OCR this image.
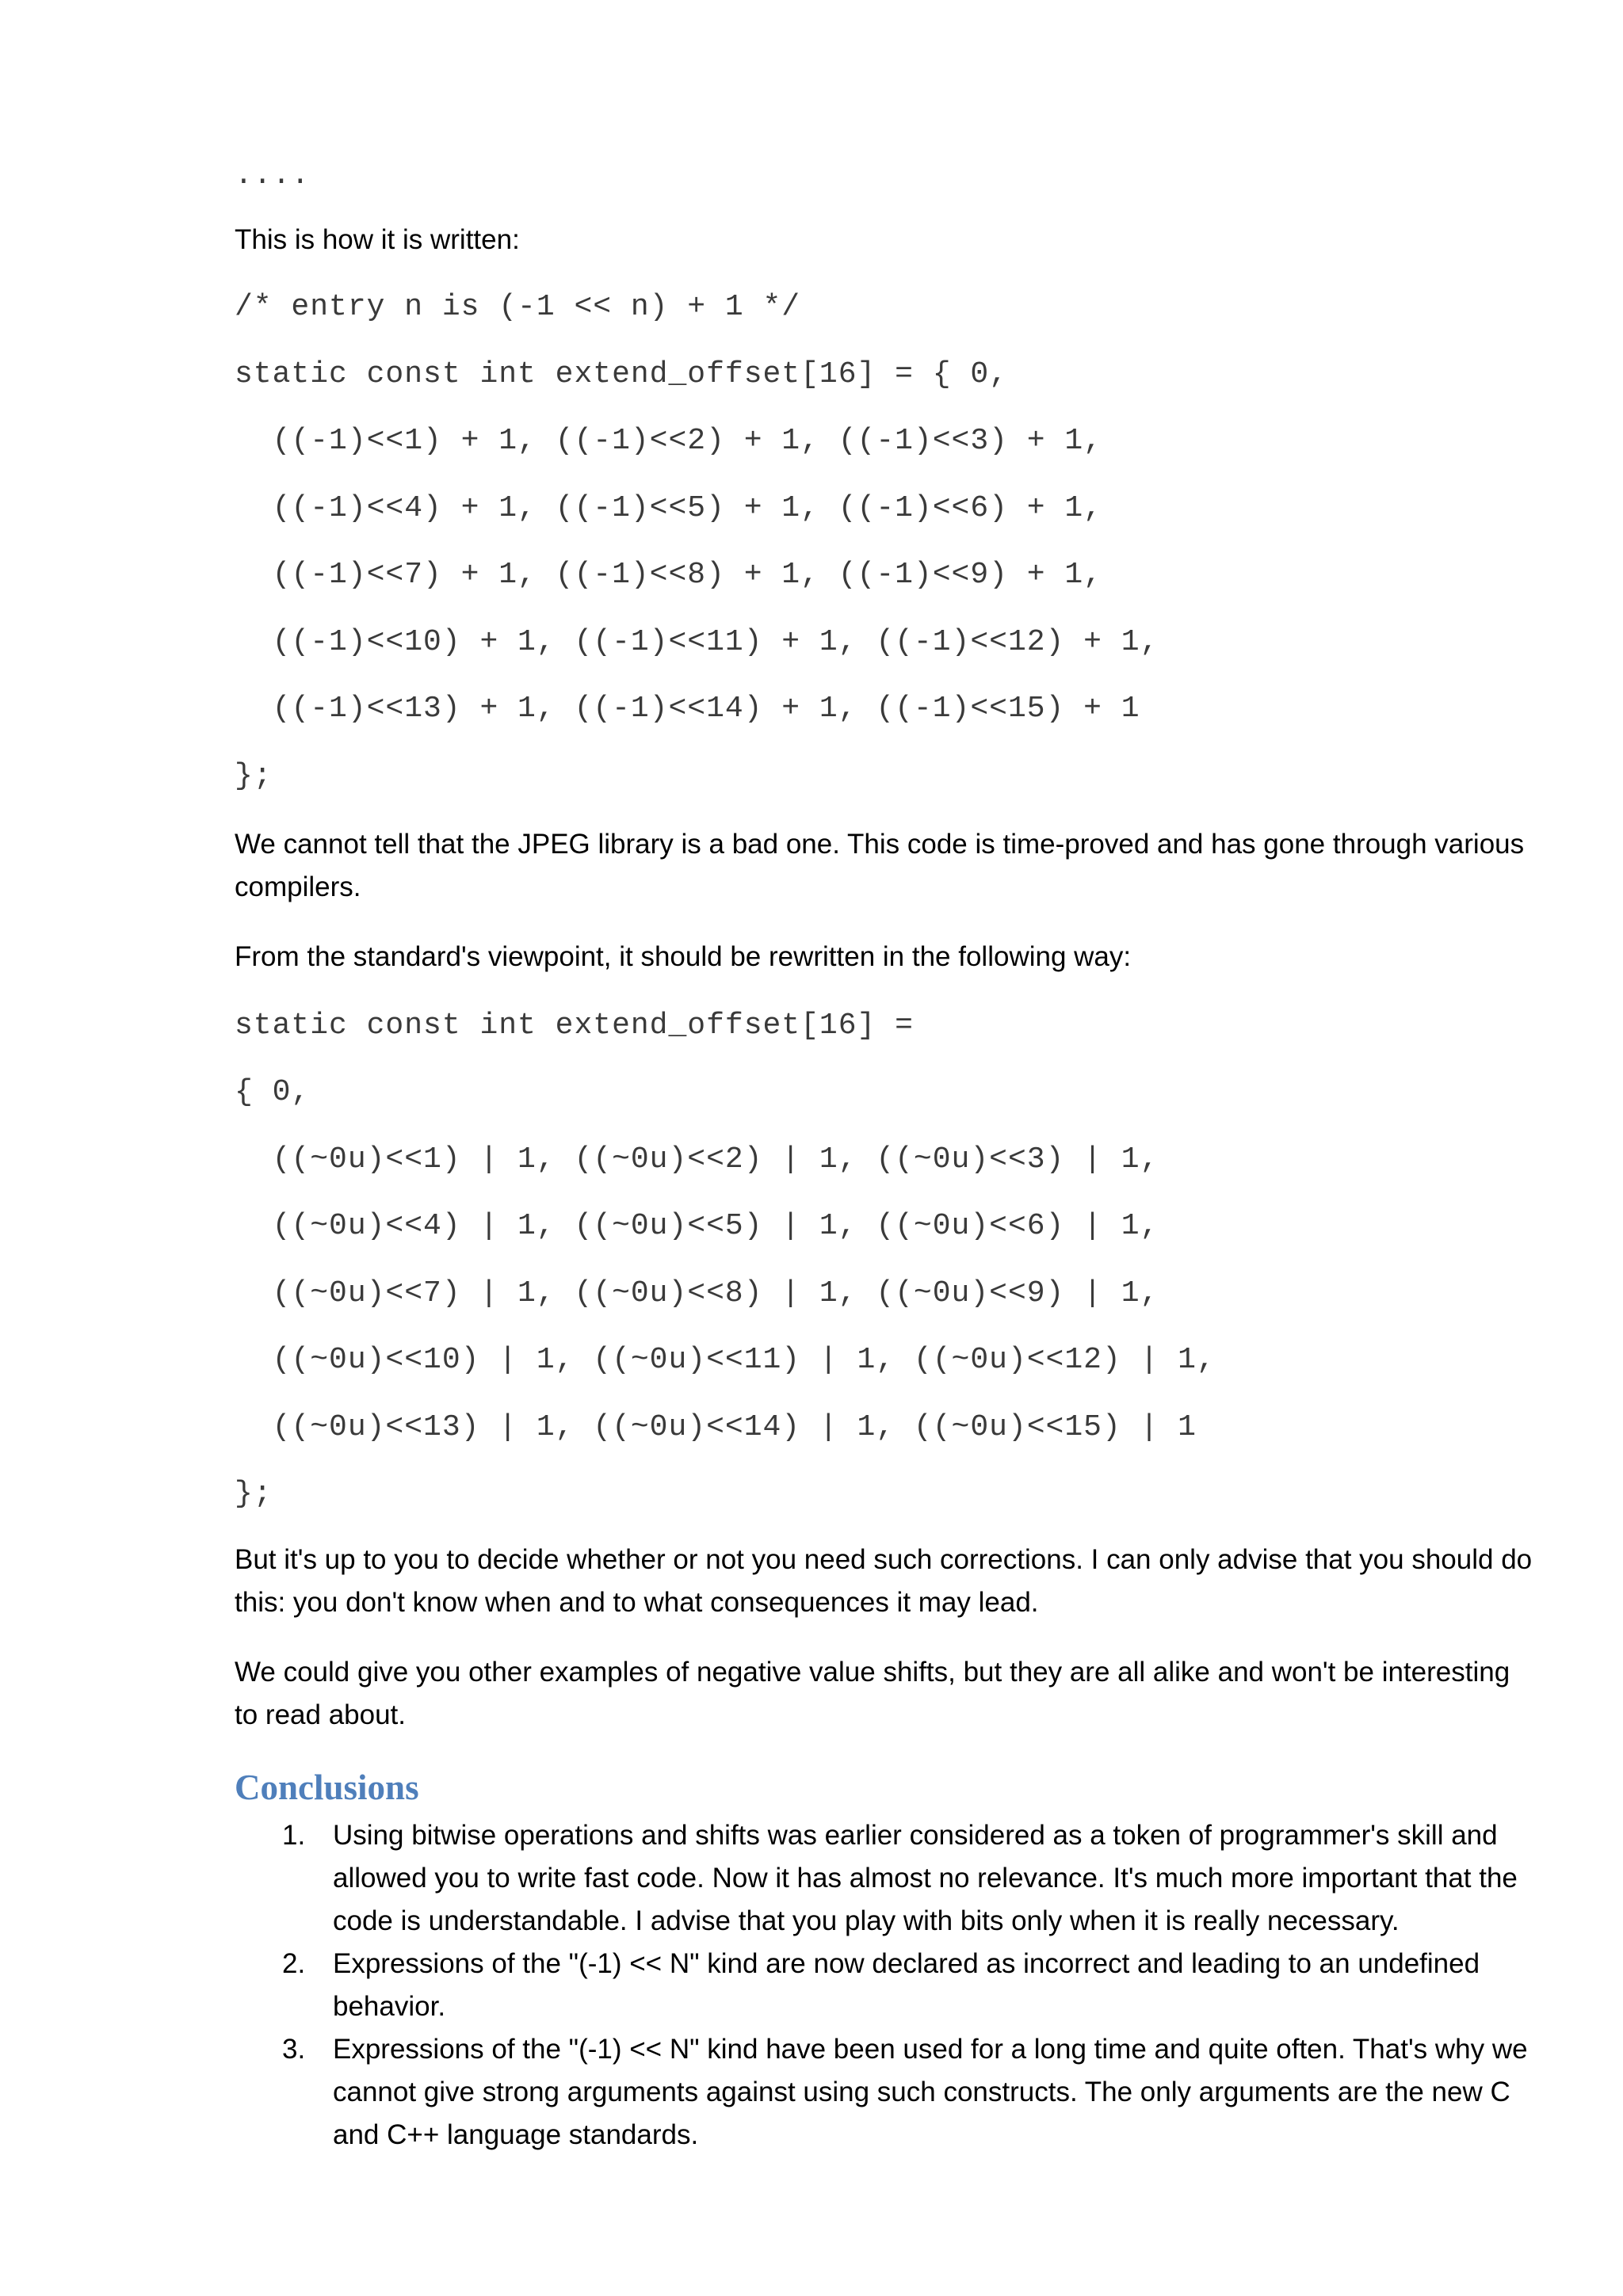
....
This is how it is written:
/* entry n is (-1 << n) + 1 */
static const int extend_offset[16] = { 0,
((-1)<<1) + 1, ((-1)<<2) + 1, ((-1)<<3) + 1,
((-1)<<4) + 1, ((-1)<<5) + 1, ((-1)<<6) + 1,
((-1)<<7) + 1, ((-1)<<8) + 1, ((-1)<<9) + 1,
((-1)<<10) + 1, ((-1)<<11) + 1, ((-1)<<12) + 1,
((-1)<<13) + 1, ((-1)<<14) + 1, ((-1)<<15) + 1
};
We cannot tell that the JPEG library is a bad one. This code is time-proved and has gone through various compilers.
From the standard's viewpoint, it should be rewritten in the following way:
static const int extend_offset[16] =
{ 0,
((~0u)<<1) | 1, ((~0u)<<2) | 1, ((~0u)<<3) | 1,
((~0u)<<4) | 1, ((~0u)<<5) | 1, ((~0u)<<6) | 1,
((~0u)<<7) | 1, ((~0u)<<8) | 1, ((~0u)<<9) | 1,
((~0u)<<10) | 1, ((~0u)<<11) | 1, ((~0u)<<12) | 1,
((~0u)<<13) | 1, ((~0u)<<14) | 1, ((~0u)<<15) | 1
};
But it's up to you to decide whether or not you need such corrections. I can only advise that you should do this: you don't know when and to what consequences it may lead.
We could give you other examples of negative value shifts, but they are all alike and won't be interesting to read about.
Conclusions
1. Using bitwise operations and shifts was earlier considered as a token of programmer's skill and allowed you to write fast code. Now it has almost no relevance. It's much more important that the code is understandable. I advise that you play with bits only when it is really necessary.
2. Expressions of the "(-1) << N" kind are now declared as incorrect and leading to an undefined behavior.
3. Expressions of the "(-1) << N" kind have been used for a long time and quite often. That's why we cannot give strong arguments against using such constructs. The only arguments are the new C and C++ language standards.
